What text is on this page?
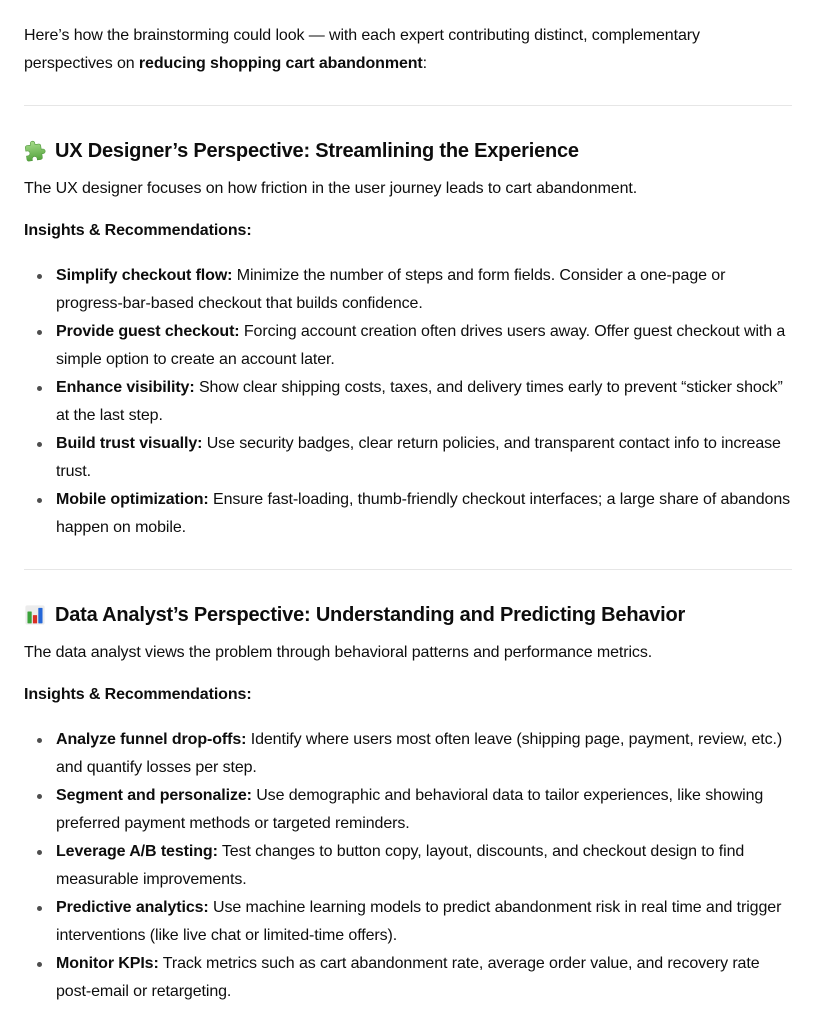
Here’s how the brainstorming could look — with each expert contributing distinct, complementary perspectives on reducing shopping cart abandonment:

UX Designer’s Perspective: Streamlining the Experience

The UX designer focuses on how friction in the user journey leads to cart abandonment.

Insights & Recommendations:

Simplify checkout flow: Minimize the number of steps and form fields. Consider a one-page or progress-bar-based checkout that builds confidence.
Provide guest checkout: Forcing account creation often drives users away. Offer guest checkout with a simple option to create an account later.
Enhance visibility: Show clear shipping costs, taxes, and delivery times early to prevent “sticker shock” at the last step.
Build trust visually: Use security badges, clear return policies, and transparent contact info to increase trust.
Mobile optimization: Ensure fast-loading, thumb-friendly checkout interfaces; a large share of abandons happen on mobile.
Data Analyst’s Perspective: Understanding and Predicting Behavior

The data analyst views the problem through behavioral patterns and performance metrics.

Insights & Recommendations:

Analyze funnel drop-offs: Identify where users most often leave (shipping page, payment, review, etc.) and quantify losses per step.
Segment and personalize: Use demographic and behavioral data to tailor experiences, like showing preferred payment methods or targeted reminders.
Leverage A/B testing: Test changes to button copy, layout, discounts, and checkout design to find measurable improvements.
Predictive analytics: Use machine learning models to predict abandonment risk in real time and trigger interventions (like live chat or limited-time offers).
Monitor KPIs: Track metrics such as cart abandonment rate, average order value, and recovery rate post-email or retargeting.
